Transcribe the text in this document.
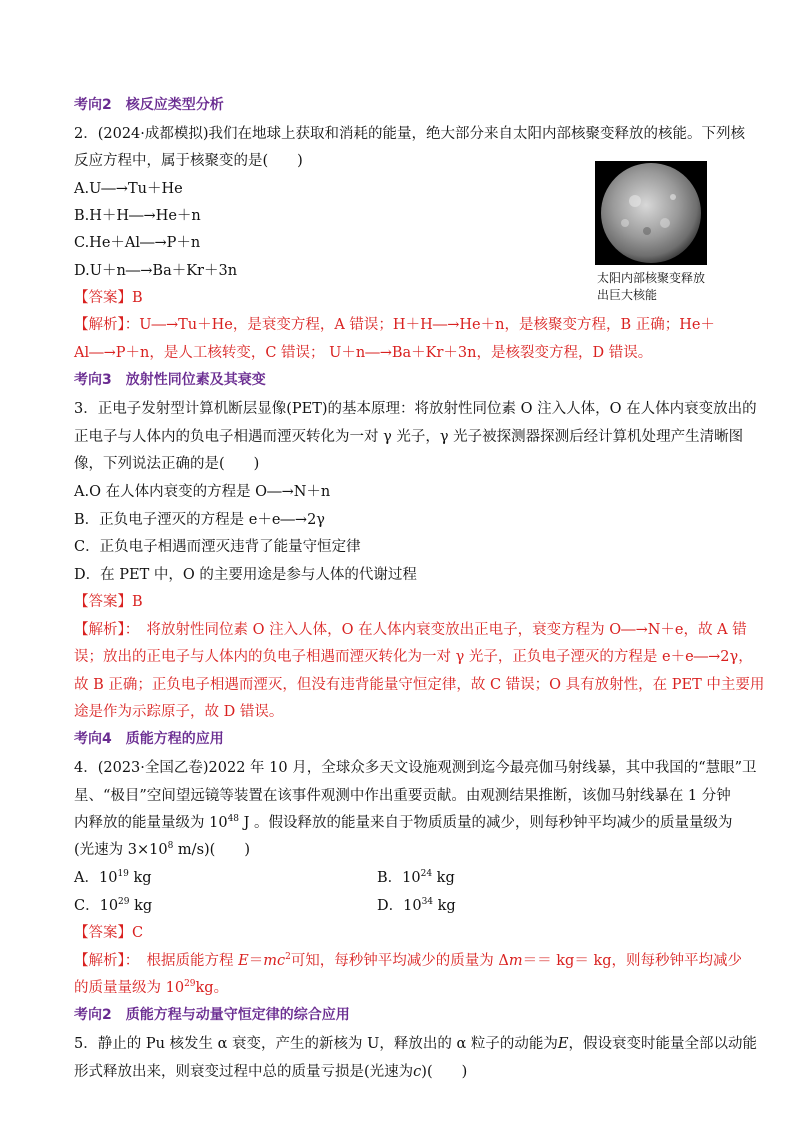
考向2　核反应类型分析
2．(2024·成都模拟)我们在地球上获取和消耗的能量，绝大部分来自太阳内部核聚变释放的核能。下列核
反应方程中，属于核聚变的是(　　)
A.U―→Tu＋He
B.H＋H―→He＋n
C.He＋Al―→P＋n
D.U＋n―→Ba＋Kr＋3n	太阳内部核聚变释放出巨大核能
【答案】B
【解析】：U―→Tu＋He，是衰变方程，A 错误；H＋H―→He＋n，是核聚变方程，B 正确；He＋
Al―→P＋n，是人工核转变，C 错误； U＋n―→Ba＋Kr＋3n，是核裂变方程，D 错误。
考向3　放射性同位素及其衰变
3．正电子发射型计算机断层显像(PET)的基本原理：将放射性同位素 O 注入人体，O 在人体内衰变放出的
正电子与人体内的负电子相遇而湮灭转化为一对 γ 光子，γ 光子被探测器探测后经计算机处理产生清晰图
像，下列说法正确的是(　　)
A.O 在人体内衰变的方程是 O―→N＋n
B．正负电子湮灭的方程是 e＋e―→2γ
C．正负电子相遇而湮灭违背了能量守恒定律
D．在 PET 中，O 的主要用途是参与人体的代谢过程
【答案】B
【解析】：　将放射性同位素 O 注入人体，O 在人体内衰变放出正电子，衰变方程为 O―→N＋e，故 A 错
误；放出的正电子与人体内的负电子相遇而湮灭转化为一对 γ 光子，正负电子湮灭的方程是 e＋e―→2γ，
故 B 正确；正负电子相遇而湮灭，但没有违背能量守恒定律，故 C 错误；O 具有放射性，在 PET 中主要用
途是作为示踪原子，故 D 错误。
考向4　质能方程的应用
4．(2023·全国乙卷)2022 年 10 月，全球众多天文设施观测到迄今最亮伽马射线暴，其中我国的“慧眼”卫
星、“极目”空间望远镜等装置在该事件观测中作出重要贡献。由观测结果推断，该伽马射线暴在 1 分钟
内释放的能量量级为 $10^{48}$ J 。假设释放的能量来自于物质质量的减少，则每秒钟平均减少的质量量级为
(光速为 $3\times 10^8$ m/s)(　　)
A．$10^{19}$ kg	B．$10^{24}$ kg
C．$10^{29}$ kg	D．$10^{34}$ kg
【答案】C
【解析】：　根据质能方程 $E=mc^2$可知，每秒钟平均减少的质量为 Δm＝＝ kg＝ kg，则每秒钟平均减少
的质量量级为 $10^{29}kg$。
考向2　质能方程与动量守恒定律的综合应用
5．静止的 Pu 核发生 α 衰变，产生的新核为 U，释放出的 α 粒子的动能为E，假设衰变时能量全部以动能
形式释放出来，则衰变过程中总的质量亏损是(光速为c)(　　)
